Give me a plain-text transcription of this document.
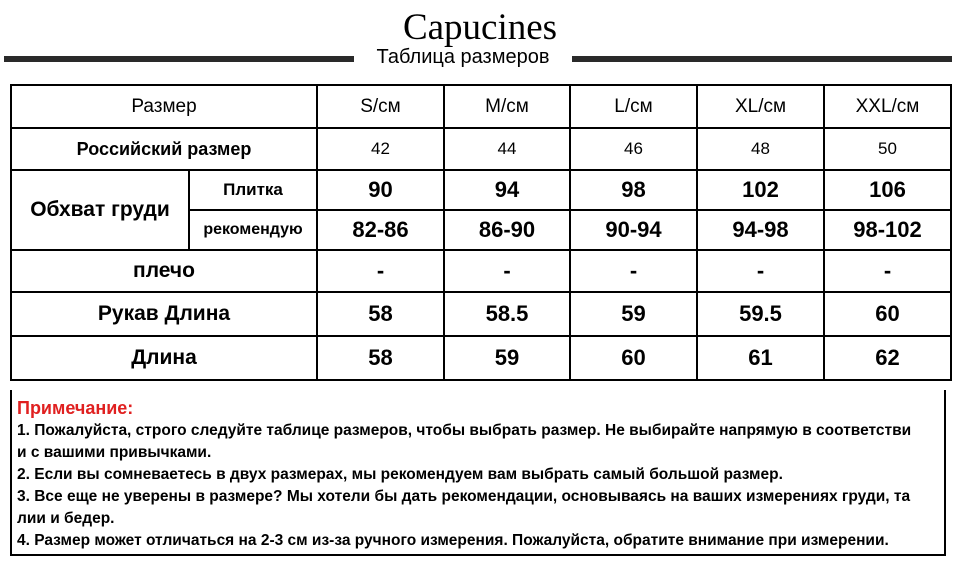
Capucines
Таблица размеров
Размер		S/см	M/см	L/см	XL/см	XXL/см
Российский размер		42	44	46	48	50
Обхват груди	Плитка	90	94	98	102	106
	рекомендую	82-86	86-90	90-94	94-98	98-102
плечо		-	-	-	-	-
Рукав Длина		58	58.5	59	59.5	60
Длина		58	59	60	61	62
Примечание:
1. Пожалуйста, строго следуйте таблице размеров, чтобы выбрать размер. Не выбирайте напрямую в соответстви
и с вашими привычками.
2. Если вы сомневаетесь в двух размерах, мы рекомендуем вам выбрать самый большой размер.
3. Все еще не уверены в размере? Мы хотели бы дать рекомендации, основываясь на ваших измерениях груди, та
лии и бедер.
4. Размер может отличаться на 2-3 см из-за ручного измерения. Пожалуйста, обратите внимание при измерении.
